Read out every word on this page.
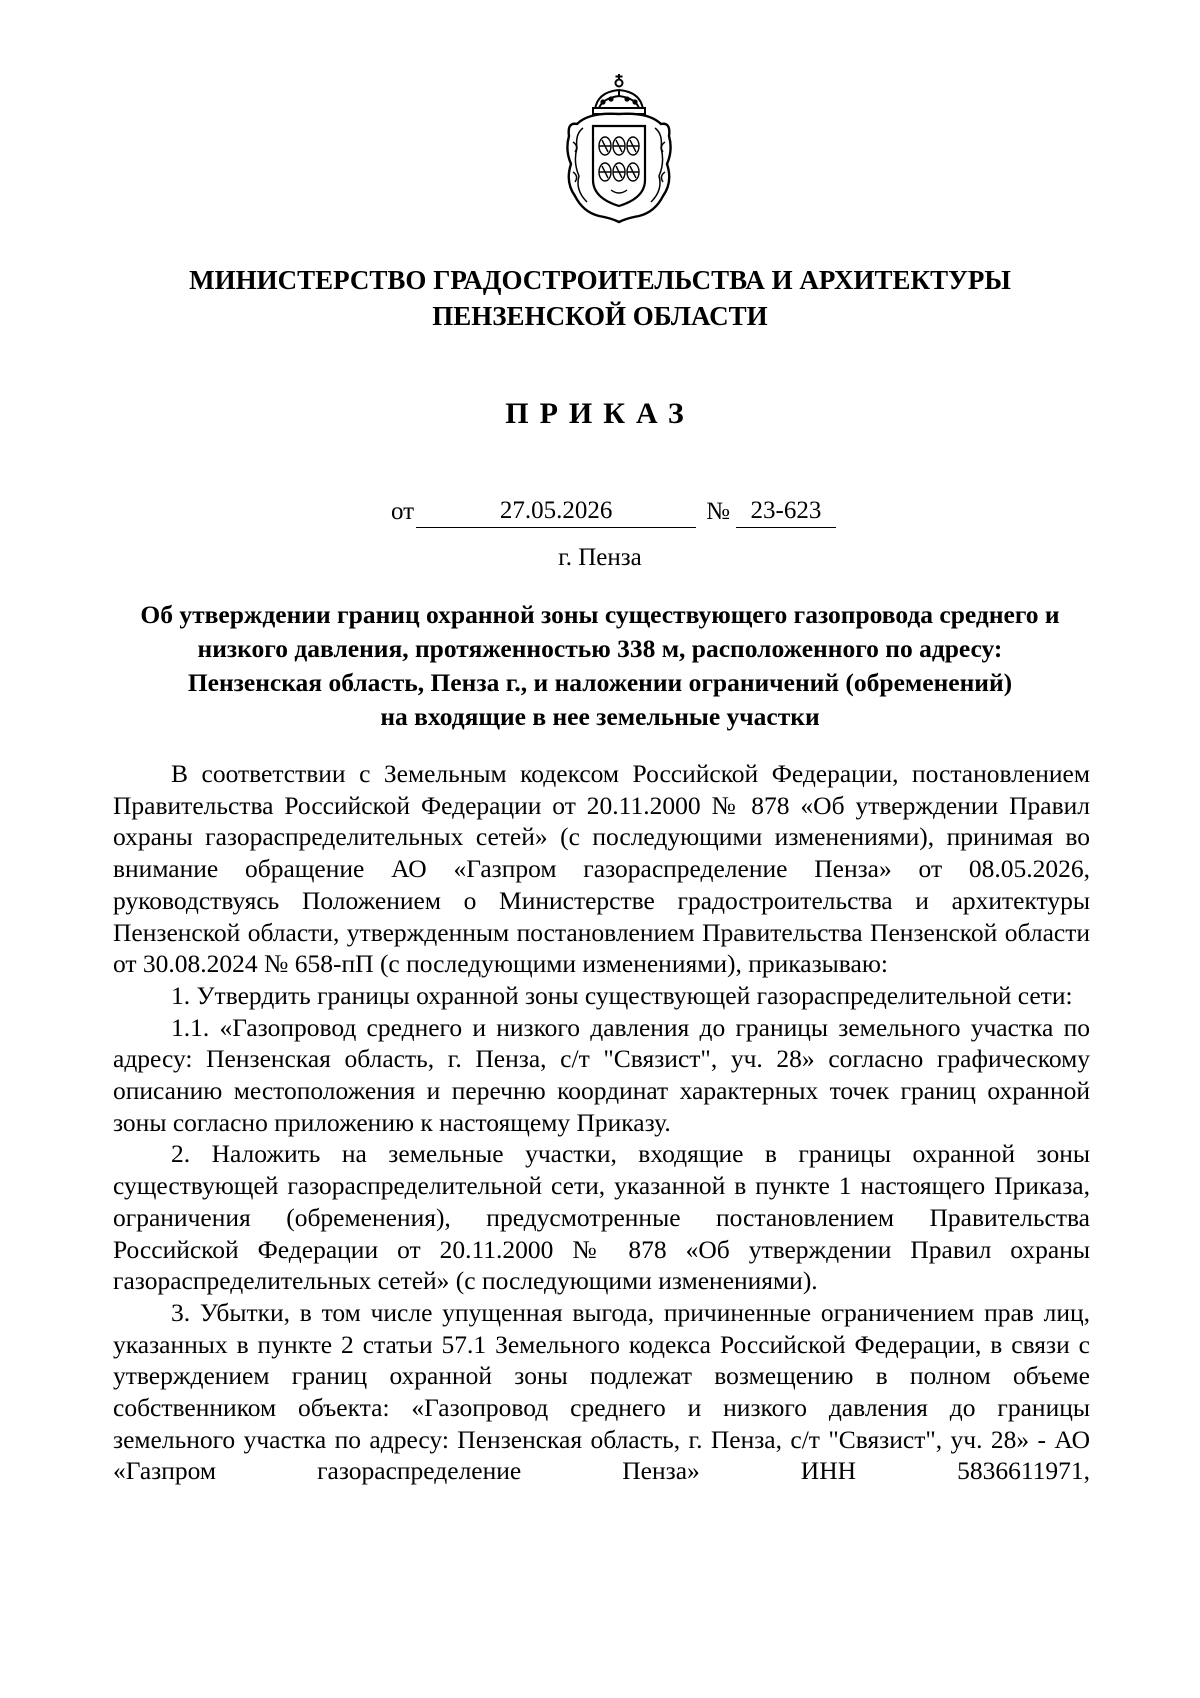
МИНИСТЕРСТВО ГРАДОСТРОИТЕЛЬСТВА И АРХИТЕКТУРЫ
ПЕНЗЕНСКОЙ ОБЛАСТИ
ПРИКАЗ
от	27.05.2026	№ 23-623
г. Пенза
Об утверждении границ охранной зоны существующего газопровода среднего и
низкого давления, протяженностью 338 м, расположенного по адресу:
Пензенская область, Пенза г., и наложении ограничений (обременений)
на входящие в нее земельные участки

В соответствии с Земельным кодексом Российской Федерации, постановлением Правительства Российской Федерации от 20.11.2000 № 878 «Об утверждении Правил охраны газораспределительных сетей» (с последующими изменениями), принимая во внимание обращение АО «Газпром газораспределение Пенза» от 08.05.2026, руководствуясь Положением о Министерстве градостроительства и архитектуры Пензенской области, утвержденным постановлением Правительства Пензенской области от 30.08.2024 № 658-пП (с последующими изменениями), приказываю:

1. Утвердить границы охранной зоны существующей газораспределительной сети:

1.1. «Газопровод среднего и низкого давления до границы земельного участка по адресу: Пензенская область, г. Пенза, с/т "Связист", уч. 28» согласно графическому описанию местоположения и перечню координат характерных точек границ охранной зоны согласно приложению к настоящему Приказу.

2. Наложить на земельные участки, входящие в границы охранной зоны существующей газораспределительной сети, указанной в пункте 1 настоящего Приказа, ограничения (обременения), предусмотренные постановлением Правительства Российской Федерации от 20.11.2000 № 878 «Об утверждении Правил охраны газораспределительных сетей» (с последующими изменениями).

3. Убытки, в том числе упущенная выгода, причиненные ограничением прав лиц, указанных в пункте 2 статьи 57.1 Земельного кодекса Российской Федерации, в связи с утверждением границ охранной зоны подлежат возмещению в полном объеме собственником объекта: «Газопровод среднего и низкого давления до границы земельного участка по адресу: Пензенская область, г. Пенза, с/т "Связист", уч. 28» - АО «Газпром газораспределение Пенза» ИНН 5836611971,
